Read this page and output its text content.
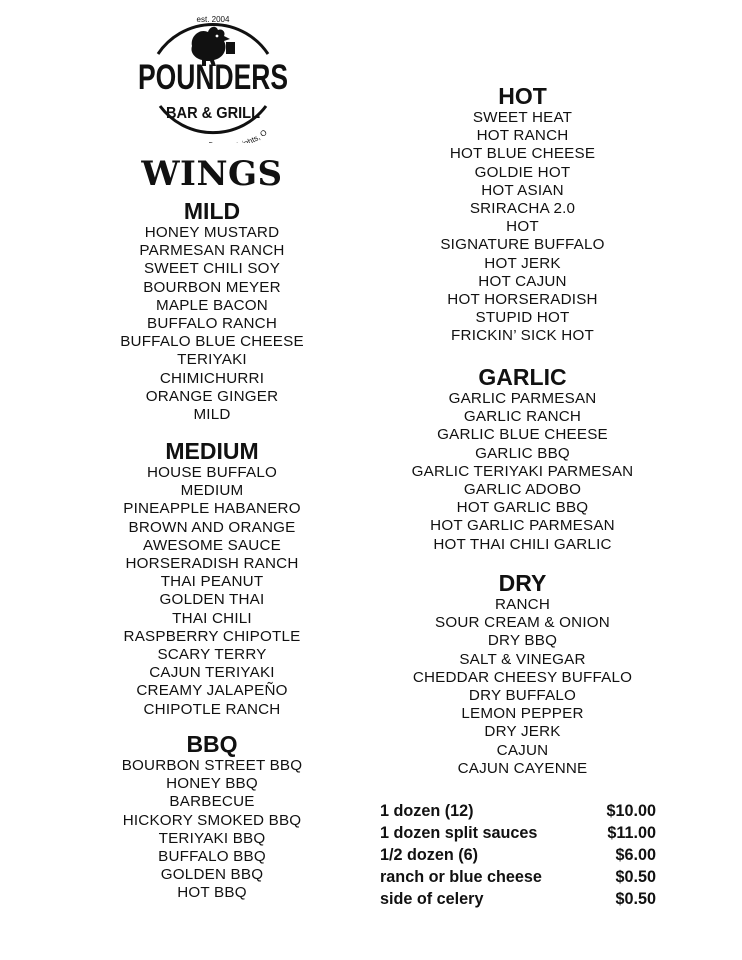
est. 2004
POUNDERS
BAR & GRILL
ghts, O
WINGS
MILD
HONEY MUSTARD
PARMESAN RANCH
SWEET CHILI SOY
BOURBON MEYER
MAPLE BACON
BUFFALO RANCH
BUFFALO BLUE CHEESE
TERIYAKI
CHIMICHURRI
ORANGE GINGER
MILD
MEDIUM
HOUSE BUFFALO
MEDIUM
PINEAPPLE HABANERO
BROWN AND ORANGE
AWESOME SAUCE
HORSERADISH RANCH
THAI PEANUT
GOLDEN THAI
THAI CHILI
RASPBERRY CHIPOTLE
SCARY TERRY
CAJUN TERIYAKI
CREAMY JALAPEÑO
CHIPOTLE RANCH
BBQ
BOURBON STREET BBQ
HONEY BBQ
BARBECUE
HICKORY SMOKED BBQ
TERIYAKI BBQ
BUFFALO BBQ
GOLDEN BBQ
HOT BBQ
HOT
SWEET HEAT
HOT RANCH
HOT BLUE CHEESE
GOLDIE HOT
HOT ASIAN
SRIRACHA 2.0
HOT
SIGNATURE BUFFALO
HOT JERK
HOT CAJUN
HOT HORSERADISH
STUPID HOT
FRICKIN’ SICK HOT
GARLIC
GARLIC PARMESAN
GARLIC RANCH
GARLIC BLUE CHEESE
GARLIC BBQ
GARLIC TERIYAKI PARMESAN
GARLIC ADOBO
HOT GARLIC BBQ
HOT GARLIC PARMESAN
HOT THAI CHILI GARLIC
DRY
RANCH
SOUR CREAM & ONION
DRY BBQ
SALT & VINEGAR
CHEDDAR CHEESY BUFFALO
DRY BUFFALO
LEMON PEPPER
DRY JERK
CAJUN
CAJUN CAYENNE
1 dozen (12)	$10.00
1 dozen split sauces	$11.00
1/2 dozen (6)	$6.00
ranch or blue cheese	$0.50
side of celery	$0.50
